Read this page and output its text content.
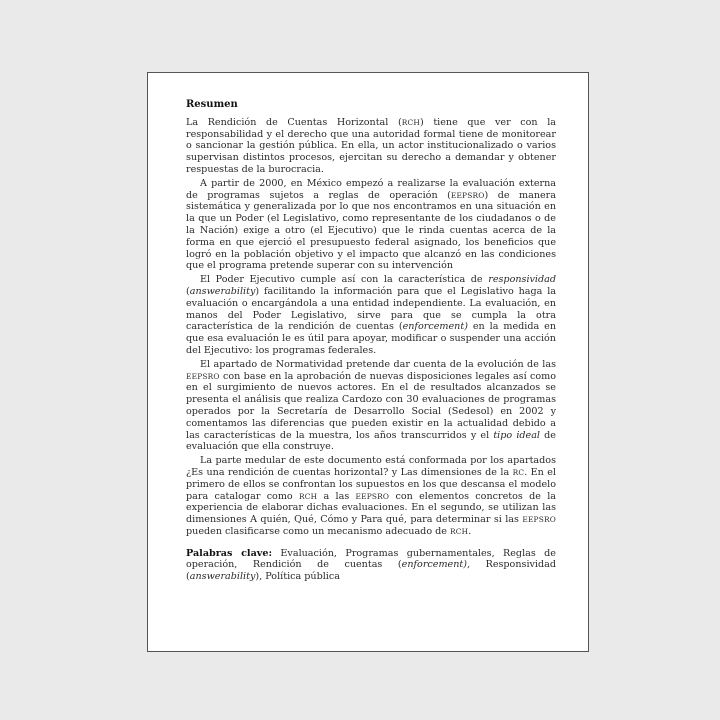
Resumen

La Rendición de Cuentas Horizontal (RCH) tiene que ver con la responsabilidad y el derecho que una autoridad formal tiene de monitorear o sancionar la gestión pública. En ella, un actor institucionalizado o varios supervisan distintos procesos, ejercitan su derecho a demandar y obtener respuestas de la burocracia.

A partir de 2000, en México empezó a realizarse la evaluación externa de programas sujetos a reglas de operación (EEPSRO) de manera sistemática y generalizada por lo que nos encontramos en una situación en la que un Poder (el Legislativo, como representante de los ciudadanos o de la Nación) exige a otro (el Ejecutivo) que le rinda cuentas acerca de la forma en que ejerció el presupuesto federal asignado, los beneficios que logró en la población objetivo y el impacto que alcanzó en las condiciones que el programa pretende superar con su intervención

El Poder Ejecutivo cumple así con la característica de responsividad (answerability) facilitando la información para que el Legislativo haga la evaluación o encargándola a una entidad independiente. La evaluación, en manos del Poder Legislativo, sirve para que se cumpla la otra característica de la rendición de cuentas (enforcement) en la medida en que esa evaluación le es útil para apoyar, modificar o suspender una acción del Ejecutivo: los programas federales.

El apartado de Normatividad pretende dar cuenta de la evolución de las EEPSRO con base en la aprobación de nuevas disposiciones legales así como en el surgimiento de nuevos actores. En el de resultados alcanzados se presenta el análisis que realiza Cardozo con 30 evaluaciones de programas operados por la Secretaría de Desarrollo Social (Sedesol) en 2002 y comentamos las diferencias que pueden existir en la actualidad debido a las características de la muestra, los años transcurridos y el tipo ideal de evaluación que ella construye.

La parte medular de este documento está conformada por los apartados ¿Es una rendición de cuentas horizontal? y Las dimensiones de la RC. En el primero de ellos se confrontan los supuestos en los que descansa el modelo para catalogar como RCH a las EEPSRO con elementos concretos de la experiencia de elaborar dichas evaluaciones. En el segundo, se utilizan las dimensiones A quién, Qué, Cómo y Para qué, para determinar si las EEPSRO pueden clasificarse como un mecanismo adecuado de RCH.

Palabras clave: Evaluación, Programas gubernamentales, Reglas de operación, Rendición de cuentas (enforcement), Responsividad (answerability), Política pública
